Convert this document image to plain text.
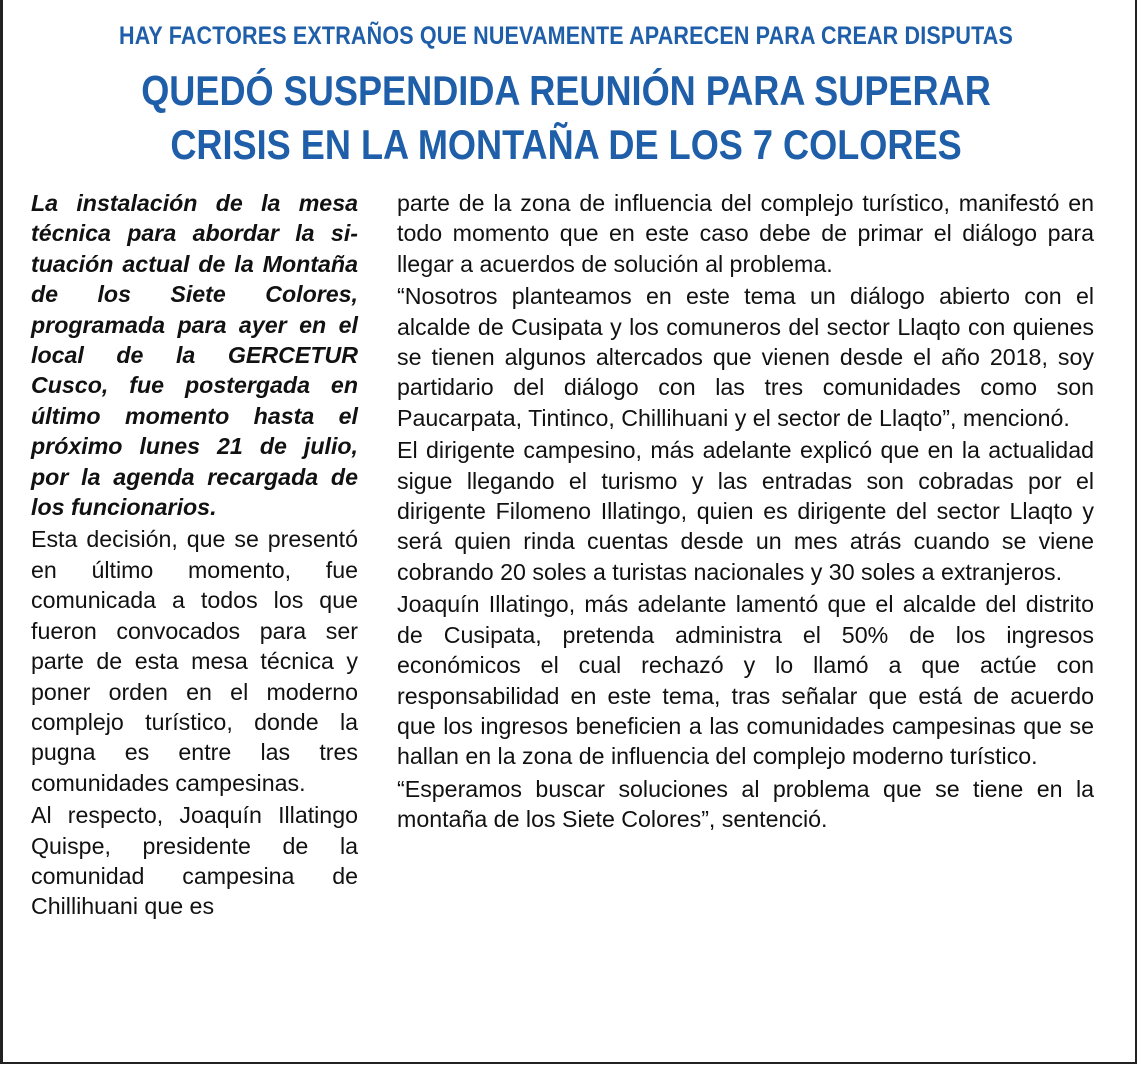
HAY FACTORES EXTRAÑOS QUE NUEVAMENTE APARECEN PARA CREAR DISPUTAS
QUEDÓ SUSPENDIDA REUNIÓN PARA SUPERAR
CRISIS EN LA MONTAÑA DE LOS 7 COLORES

La instalación de la mesa técnica para abordar la situación actual de la Montaña de los Siete Colores, programada para ayer en el local de la GERCETUR Cusco, fue postergada en último momento hasta el próximo lunes 21 de julio, por la agenda recargada de los funcionarios.

Esta decisión, que se presentó en último momento, fue comunicada a todos los que fueron convocados para ser parte de esta mesa técnica y poner orden en el moderno complejo turístico, donde la pugna es entre las tres comunidades campesinas.

Al respecto, Joaquín Illatingo Quispe, presidente de la comunidad campesina de Chillihuani que es

parte de la zona de influencia del complejo turístico, manifestó en todo momento que en este caso debe de primar el diálogo para llegar a acuerdos de solución al problema.

“Nosotros planteamos en este tema un diálogo abierto con el alcalde de Cusipata y los comuneros del sector Llaqto con quienes se tienen algunos altercados que vienen desde el año 2018, soy partidario del diálogo con las tres comunidades como son Paucarpata, Tintinco, Chillihuani y el sector de Llaqto”, mencionó.

El dirigente campesino, más adelante explicó que en la actualidad sigue llegando el turismo y las entradas son cobradas por el dirigente Filomeno Illatingo, quien es dirigente del sector Llaqto y será quien rinda cuentas desde un mes atrás cuando se viene cobrando 20 soles a turistas nacionales y 30 soles a extranjeros.

Joaquín Illatingo, más adelante lamentó que el alcalde del distrito de Cusipata, pretenda administra el 50% de los ingresos económicos el cual rechazó y lo llamó a que actúe con responsabilidad en este tema, tras señalar que está de acuerdo que los ingresos beneficien a las comunidades campesinas que se hallan en la zona de influencia del complejo moderno turístico.

“Esperamos buscar soluciones al problema que se tiene en la montaña de los Siete Colores”, sentenció.
